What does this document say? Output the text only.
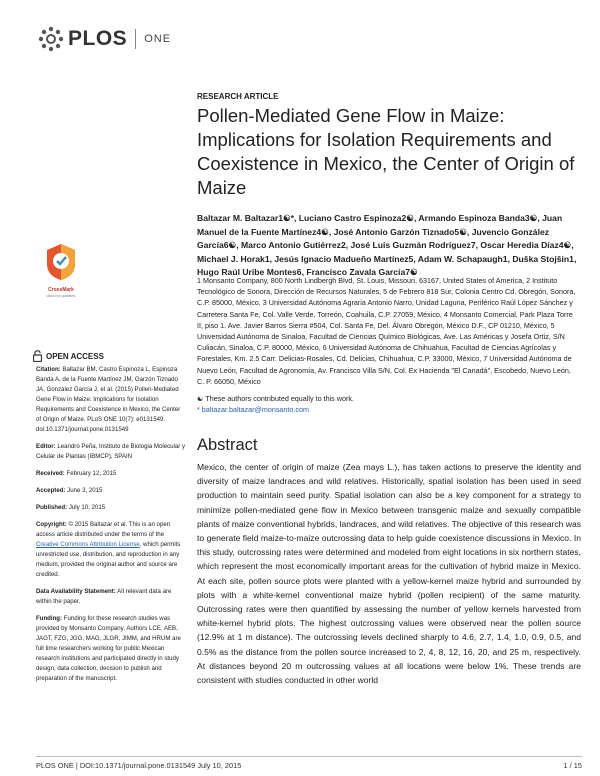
PLOS ONE
RESEARCH ARTICLE
Pollen-Mediated Gene Flow in Maize: Implications for Isolation Requirements and Coexistence in Mexico, the Center of Origin of Maize
Baltazar M. Baltazar1☯*, Luciano Castro Espinoza2☯, Armando Espinoza Banda3☯, Juan Manuel de la Fuente Martínez4☯, José Antonio Garzón Tiznado5☯, Juvencio González García6☯, Marco Antonio Gutiérrez2, José Luis Guzmán Rodríguez7, Oscar Heredia Díaz4☯, Michael J. Horak1, Jesús Ignacio Madueño Martínez5, Adam W. Schapaugh1, Duška Stojšin1, Hugo Raúl Uribe Montes6, Francisco Zavala García7☯
1 Monsanto Company, 800 North Lindbergh Blvd, St. Louis, Missouri, 63167, United States of America, 2 Instituto Tecnológico de Sonora, Dirección de Recursos Naturales, 5 de Febrero 818 Sur, Colonia Centro Cd. Obregón, Sonora, C.P. 85000, México, 3 Universidad Autónoma Agraria Antonio Narro, Unidad Laguna, Periférico Raúl López Sánchez y Carretera Santa Fe, Col. Valle Verde, Torreón, Coahuila, C.P. 27059, México, 4 Monsanto Comercial, Park Plaza Torre II, piso 1. Ave. Javier Barros Sierra #504, Col. Santa Fe, Del. Álvaro Obregón, México D.F., CP 01210, México, 5 Universidad Autónoma de Sinaloa, Facultad de Ciencias Químico Biológicas, Ave. Las Américas y Josefa Ortiz, S/N Culiacán, Sinaloa, C.P. 80000, México, 6 Universidad Autónoma de Chihuahua, Facultad de Ciencias Agrícolas y Forestales, Km. 2.5 Carr. Delicias-Rosales, Cd. Delicias, Chihuahua, C.P. 33000, México, 7 Universidad Autónoma de Nuevo León, Facultad de Agronomía, Av. Francisco Villa S/N, Col. Ex Hacienda "El Canadá", Escobedo, Nuevo León, C. P. 66050, México
☯ These authors contributed equally to this work.
* baltazar.baltazar@monsanto.com
Abstract
Mexico, the center of origin of maize (Zea mays L.), has taken actions to preserve the identity and diversity of maize landraces and wild relatives. Historically, spatial isolation has been used in seed production to maintain seed purity. Spatial isolation can also be a key component for a strategy to minimize pollen-mediated gene flow in Mexico between transgenic maize and sexually compatible plants of maize conventional hybrids, landraces, and wild relatives. The objective of this research was to generate field maize-to-maize outcrossing data to help guide coexistence discussions in Mexico. In this study, outcrossing rates were determined and modeled from eight locations in six northern states, which represent the most economically important areas for the cultivation of hybrid maize in Mexico. At each site, pollen source plots were planted with a yellow-kernel maize hybrid and surrounded by plots with a white-kernel conventional maize hybrid (pollen recipient) of the same maturity. Outcrossing rates were then quantified by assessing the number of yellow kernels harvested from white-kernel hybrid plots. The highest outcrossing values were observed near the pollen source (12.9% at 1 m distance). The outcrossing levels declined sharply to 4.6, 2.7, 1.4, 1.0, 0.9, 0.5, and 0.5% as the distance from the pollen source increased to 2, 4, 8, 12, 16, 20, and 25 m, respectively. At distances beyond 20 m outcrossing values at all locations were below 1%. These trends are consistent with studies conducted in other world
CrossMark
click for updates
OPEN ACCESS

Citation: Baltazar BM, Castro Espinoza L, Espinoza Banda A, de la Fuente Martínez JM, Garzón Tiznado JA, González García J, et al. (2015) Pollen-Mediated Gene Flow in Maize: Implications for Isolation Requirements and Coexistence in Mexico, the Center of Origin of Maize. PLoS ONE 10(7): e0131549. doi:10.1371/journal.pone.0131549

Editor: Leandro Peña, Instituto de Biologia Molecular y Celular de Plantas (IBMCP), SPAIN

Received: February 12, 2015

Accepted: June 3, 2015

Published: July 10, 2015

Copyright: © 2015 Baltazar et al. This is an open access article distributed under the terms of the Creative Commons Attribution License, which permits unrestricted use, distribution, and reproduction in any medium, provided the original author and source are credited.

Data Availability Statement: All relevant data are within the paper.

Funding: Funding for these research studies was provided by Monsanto Company. Authors LCE, AEB, JAGT, FZG, JGG, MAG, JLGR, JIMM, and HRUM are full time researchers working for public Mexican research institutions and participated directly in study design, data collection, decision to publish and preparation of the manuscript.

PLOS ONE | DOI:10.1371/journal.pone.0131549 July 10, 2015	1 / 15
